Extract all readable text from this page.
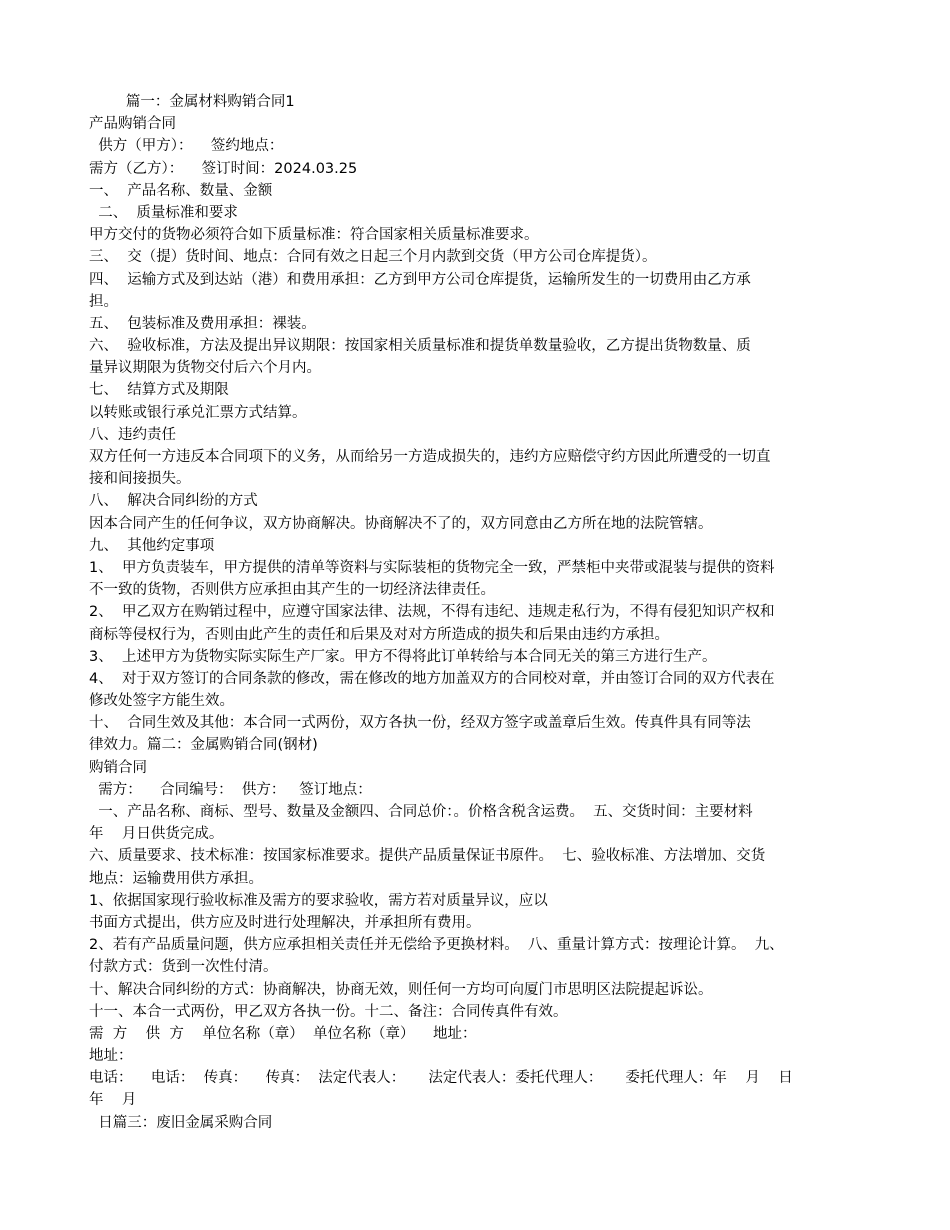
篇一：金属材料购销合同1
产品购销合同
供方（甲方）：    签约地点：
需方（乙方）：    签订时间：2024.03.25
一、  产品名称、数量、金额
二、  质量标准和要求
甲方交付的货物必须符合如下质量标准：符合国家相关质量标准要求。
三、  交（提）货时间、地点：合同有效之日起三个月内款到交货（甲方公司仓库提货）。
四、  运输方式及到达站（港）和费用承担：乙方到甲方公司仓库提货，运输所发生的一切费用由乙方承
担。
五、  包装标准及费用承担：裸装。
六、  验收标准，方法及提出异议期限：按国家相关质量标准和提货单数量验收，乙方提出货物数量、质
量异议期限为货物交付后六个月内。
七、  结算方式及期限
以转账或银行承兑汇票方式结算。
八、违约责任
双方任何一方违反本合同项下的义务，从而给另一方造成损失的，违约方应赔偿守约方因此所遭受的一切直
接和间接损失。
八、  解决合同纠纷的方式
因本合同产生的任何争议，双方协商解决。协商解决不了的，双方同意由乙方所在地的法院管辖。
九、  其他约定事项
1、  甲方负责装车，甲方提供的清单等资料与实际装柜的货物完全一致，严禁柜中夹带或混装与提供的资料
不一致的货物，否则供方应承担由其产生的一切经济法律责任。
2、  甲乙双方在购销过程中，应遵守国家法律、法规，不得有违纪、违规走私行为，不得有侵犯知识产权和
商标等侵权行为，否则由此产生的责任和后果及对对方所造成的损失和后果由违约方承担。
3、  上述甲方为货物实际实际生产厂家。甲方不得将此订单转给与本合同无关的第三方进行生产。
4、  对于双方签订的合同条款的修改，需在修改的地方加盖双方的合同校对章，并由签订合同的双方代表在
修改处签字方能生效。
十、  合同生效及其他：本合同一式两份，双方各执一份，经双方签字或盖章后生效。传真件具有同等法
律效力。篇二：金属购销合同(钢材)
购销合同
需方：    合同编号：  供方：   签订地点：
一、产品名称、商标、型号、数量及金额四、合同总价：。价格含税含运费。  五、交货时间：主要材料
年    月日供货完成。
六、质量要求、技术标准：按国家标准要求。提供产品质量保证书原件。  七、验收标准、方法增加、交货
地点：运输费用供方承担。
1、依据国家现行验收标准及需方的要求验收，需方若对质量异议，应以
书面方式提出，供方应及时进行处理解决，并承担所有费用。
2、若有产品质量问题，供方应承担相关责任并无偿给予更换材料。  八、重量计算方式：按理论计算。  九、
付款方式：货到一次性付清。
十、解决合同纠纷的方式：协商解决，协商无效，则任何一方均可向厦门市思明区法院提起诉讼。
十一、本合一式两份，甲乙双方各执一份。十二、备注：合同传真件有效。
需  方    供  方    单位名称（章）  单位名称（章）    地址：
地址：
电话：    电话：  传真：    传真：  法定代表人：     法定代表人：委托代理人：     委托代理人：年    月    日
年    月
日篇三：废旧金属采购合同
